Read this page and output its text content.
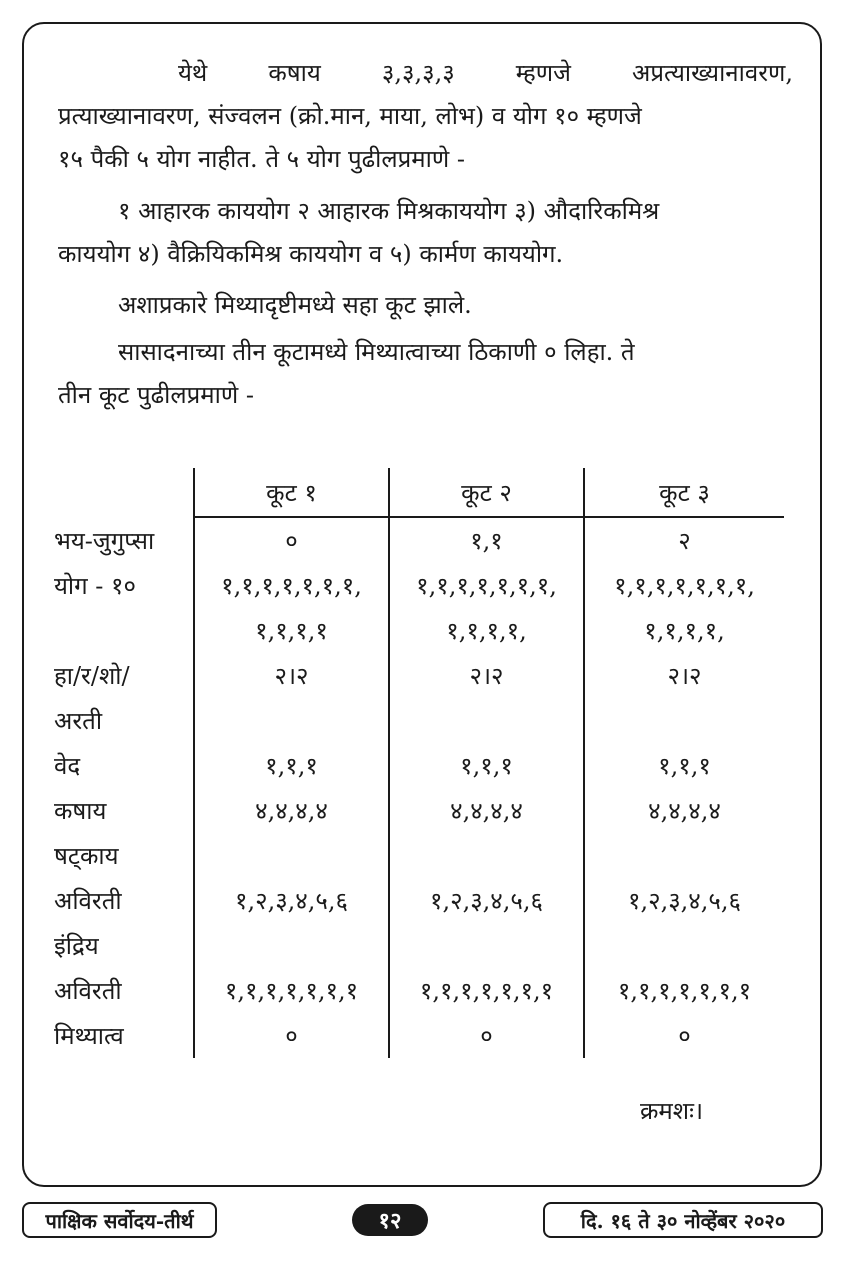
येथे कषाय ३,३,३,३ म्हणजे अप्रत्याख्यानावरण,
प्रत्याख्यानावरण, संज्वलन (क्रो.मान, माया, लोभ) व योग १० म्हणजे
१५ पैकी ५ योग नाहीत. ते ५ योग पुढीलप्रमाणे -

१ आहारक काययोग २ आहारक मिश्रकाययोग ३) औदारिकमिश्र
काययोग ४) वैक्रियिकमिश्र काययोग व ५) कार्मण काययोग.

अशाप्रकारे मिथ्यादृष्टीमध्ये सहा कूट झाले.

सासादनाच्या तीन कूटामध्ये मिथ्यात्वाच्या ठिकाणी ० लिहा. ते
तीन कूट पुढीलप्रमाणे -

	कूट १	कूट २	कूट ३
भय-जुगुप्सा	०	१,१	२
योग - १०	१,१,१,१,१,१,१,	१,१,१,१,१,१,१,	१,१,१,१,१,१,१,
	१,१,१,१	१,१,१,१,	१,१,१,१,
हा/र/शो/	२।२	२।२	२।२
अरती			
वेद	१,१,१	१,१,१	१,१,१
कषाय	४,४,४,४	४,४,४,४	४,४,४,४
षट्काय			
अविरती	१,२,३,४,५,६	१,२,३,४,५,६	१,२,३,४,५,६
इंद्रिय			
अविरती	१,१,१,१,१,१,१	१,१,१,१,१,१,१	१,१,१,१,१,१,१
मिथ्यात्व	०	०	०
क्रमशः।
पाक्षिक सर्वोदय-तीर्थ	१२	दि. १६ ते ३० नोव्हेंबर २०२०
